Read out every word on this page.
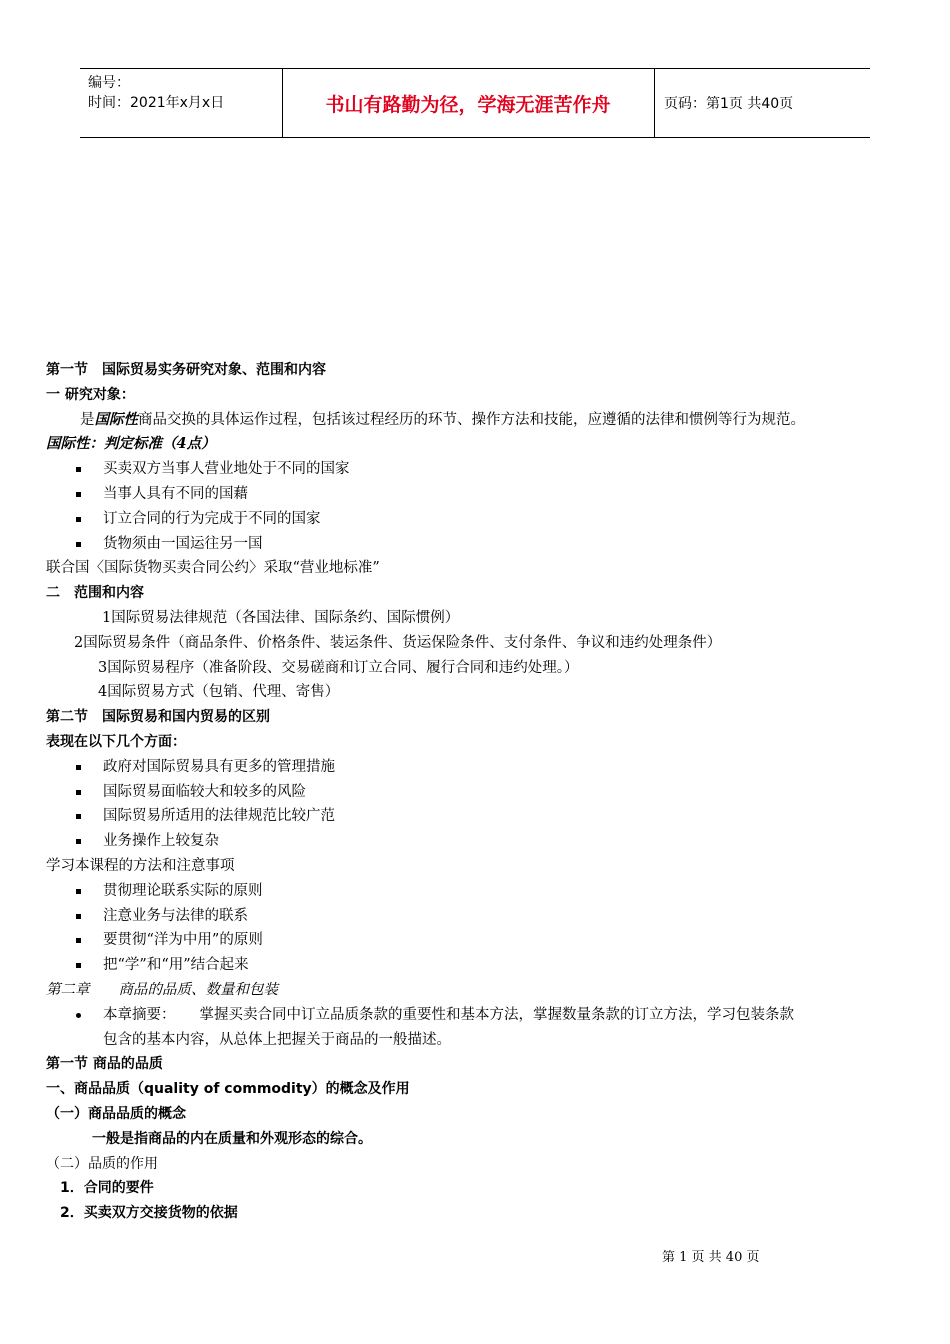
编号：
时间：2021年x月x日	书山有路勤为径，学海无涯苦作舟	页码：第1页 共40页
第一节　国际贸易实务研究对象、范围和内容
一 研究对象：
是国际性商品交换的具体运作过程，包括该过程经历的环节、操作方法和技能，应遵循的法律和惯例等行为规范。
国际性：判定标准（4点）
买卖双方当事人营业地处于不同的国家
当事人具有不同的国藉
订立合同的行为完成于不同的国家
货物须由一国运往另一国
联合国〈国际货物买卖合同公约〉采取“营业地标准”
二　范围和内容
1国际贸易法律规范（各国法律、国际条约、国际惯例）
2国际贸易条件（商品条件、价格条件、装运条件、货运保险条件、支付条件、争议和违约处理条件）
3国际贸易程序（准备阶段、交易磋商和订立合同、履行合同和违约处理。）
4国际贸易方式（包销、代理、寄售）
第二节　国际贸易和国内贸易的区别
表现在以下几个方面：
政府对国际贸易具有更多的管理措施
国际贸易面临较大和较多的风险
国际贸易所适用的法律规范比较广范
业务操作上较复杂
学习本课程的方法和注意事项
贯彻理论联系实际的原则
注意业务与法律的联系
要贯彻“洋为中用”的原则
把“学”和“用”结合起来
第二章　　商品的品质、数量和包装
本章摘要： 掌握买卖合同中订立品质条款的重要性和基本方法，掌握数量条款的订立方法，学习包装条款
包含的基本内容，从总体上把握关于商品的一般描述。
第一节 商品的品质
一、商品品质（quality of commodity）的概念及作用
（一）商品品质的概念
一般是指商品的内在质量和外观形态的综合。
（二）品质的作用
1．合同的要件
2．买卖双方交接货物的依据
第 1 页 共 40 页
